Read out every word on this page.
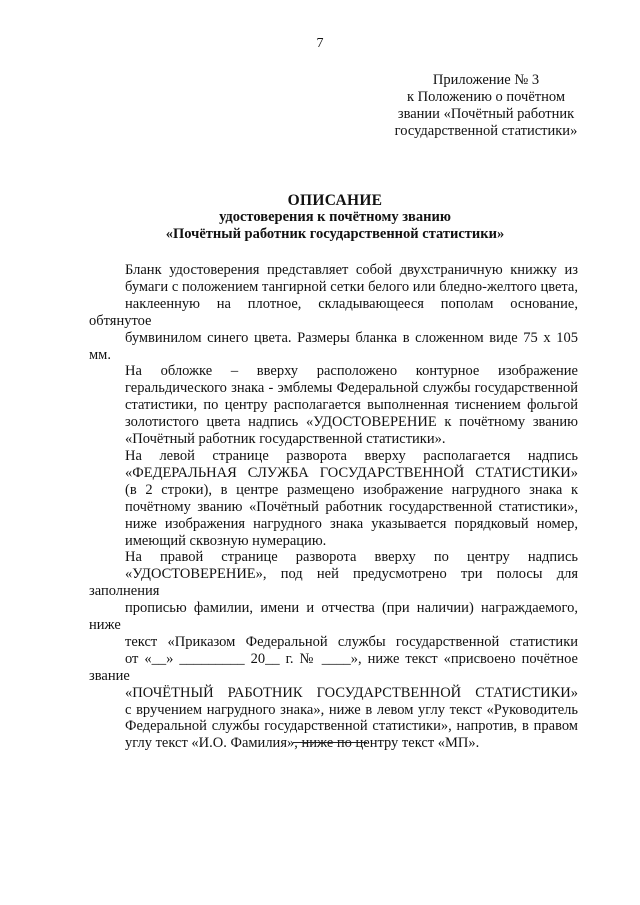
7
Приложение № 3
к Положению о почётном
звании «Почётный работник
государственной статистики»
ОПИСАНИЕ
удостоверения к почётному званию
«Почётный работник государственной статистики»

Бланк удостоверения представляет собой двухстраничную книжку из
бумаги с положением тангирной сетки белого или бледно-желтого цвета,
наклеенную на плотное, складывающееся пополам основание, обтянутое
бумвинилом синего цвета. Размеры бланка в сложенном виде 75 x 105 мм.

На обложке – вверху расположено контурное изображение
геральдического знака - эмблемы Федеральной службы государственной
статистики, по центру располагается выполненная тиснением фольгой
золотистого цвета надпись «УДОСТОВЕРЕНИЕ к почётному званию
«Почётный работник государственной статистики».

На левой странице разворота вверху располагается надпись
«ФЕДЕРАЛЬНАЯ СЛУЖБА ГОСУДАРСТВЕННОЙ СТАТИСТИКИ»
(в 2 строки), в центре размещено изображение нагрудного знака к
почётному званию «Почётный работник государственной статистики»,
ниже изображения нагрудного знака указывается порядковый номер,
имеющий сквозную нумерацию.

На правой странице разворота вверху по центру надпись
«УДОСТОВЕРЕНИЕ», под ней предусмотрено три полосы для заполнения
прописью фамилии, имени и отчества (при наличии) награждаемого, ниже
текст «Приказом Федеральной службы государственной статистики
от «__» _________ 20__ г. № ____», ниже текст «присвоено почётное звание
«ПОЧЁТНЫЙ РАБОТНИК ГОСУДАРСТВЕННОЙ СТАТИСТИКИ»
с вручением нагрудного знака», ниже в левом углу текст «Руководитель
Федеральной службы государственной статистики», напротив, в правом
углу текст «И.О. Фамилия», ниже по центру текст «МП».
